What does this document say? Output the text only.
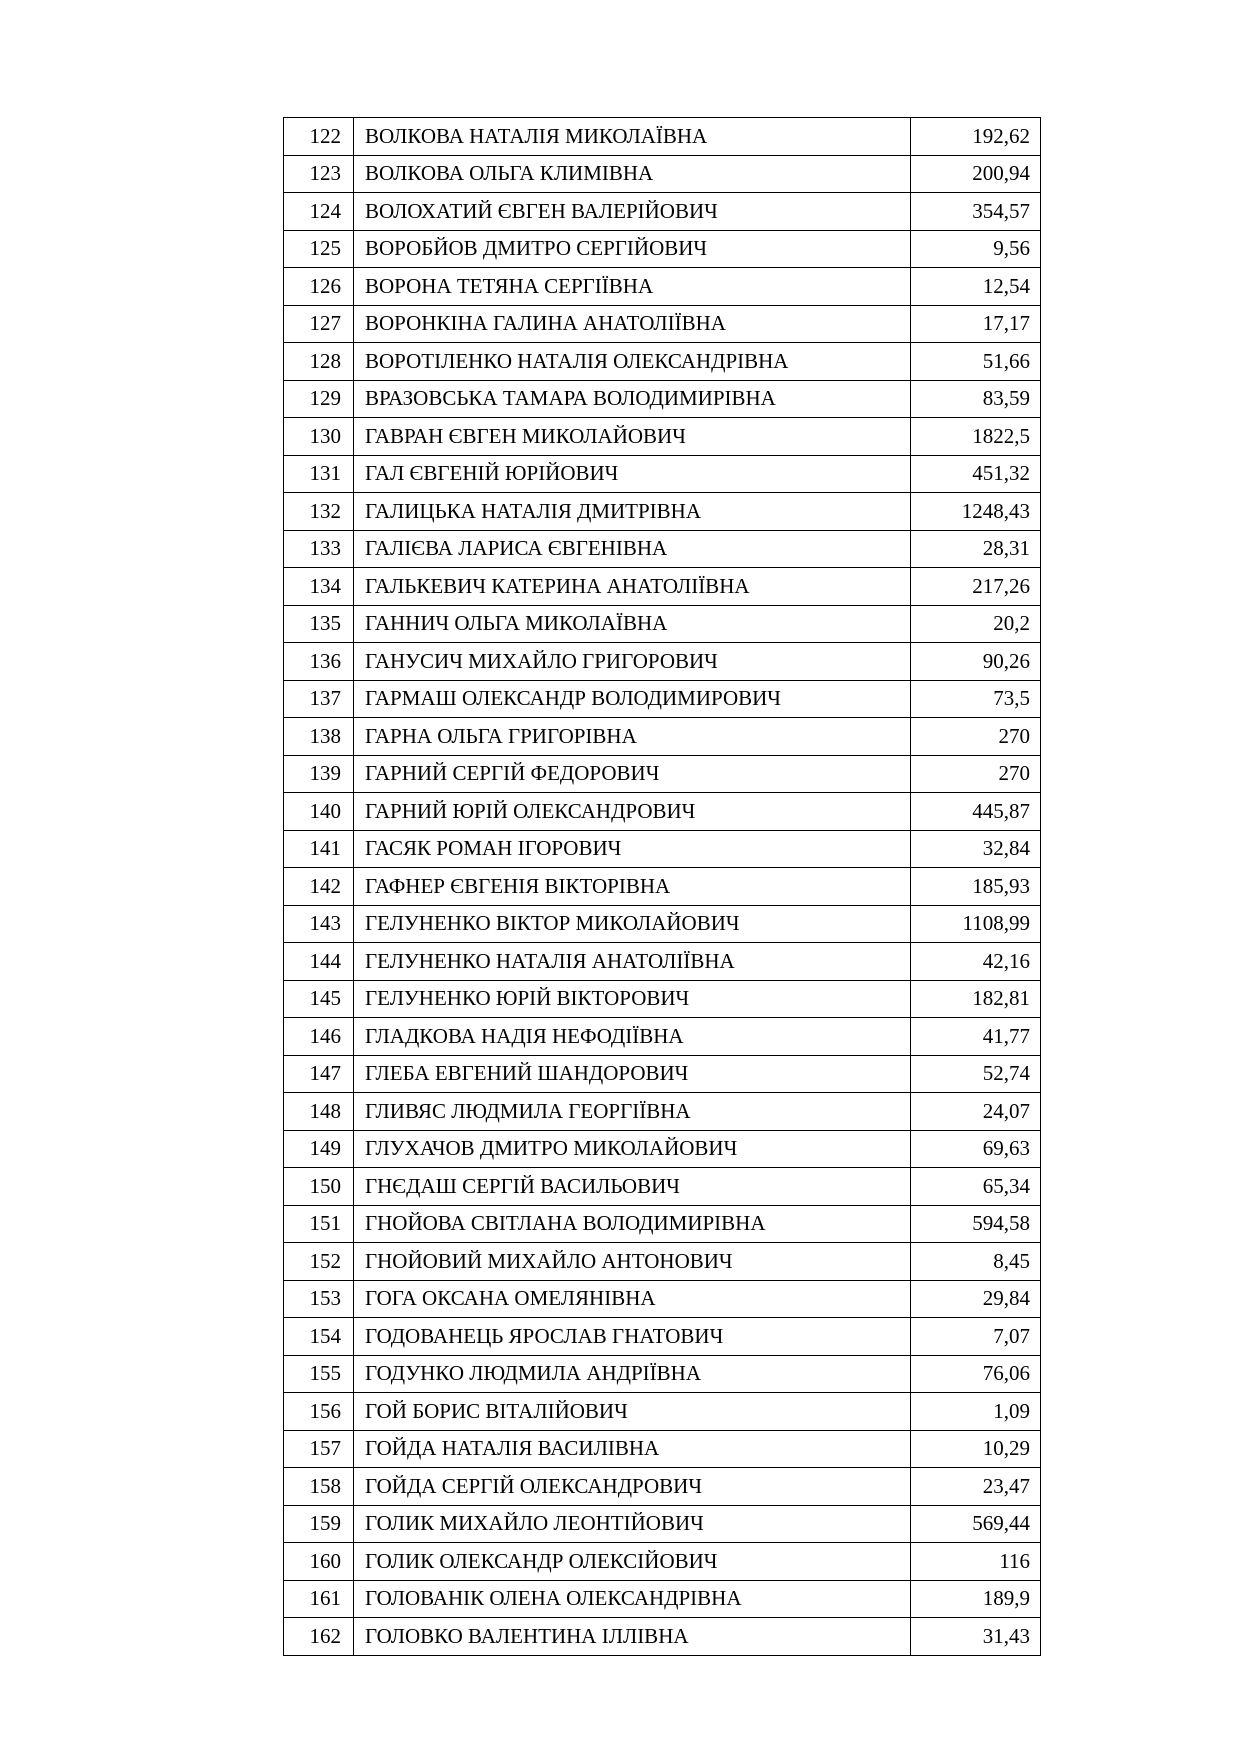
122	ВОЛКОВА НАТАЛІЯ МИКОЛАЇВНА	192,62
123	ВОЛКОВА ОЛЬГА КЛИМІВНА	200,94
124	ВОЛОХАТИЙ ЄВГЕН ВАЛЕРІЙОВИЧ	354,57
125	ВОРОБЙОВ ДМИТРО СЕРГІЙОВИЧ	9,56
126	ВОРОНА ТЕТЯНА СЕРГІЇВНА	12,54
127	ВОРОНКІНА ГАЛИНА АНАТОЛІЇВНА	17,17
128	ВОРОТІЛЕНКО НАТАЛІЯ ОЛЕКСАНДРІВНА	51,66
129	ВРАЗОВСЬКА ТАМАРА ВОЛОДИМИРІВНА	83,59
130	ГАВРАН ЄВГЕН МИКОЛАЙОВИЧ	1822,5
131	ГАЛ ЄВГЕНІЙ ЮРІЙОВИЧ	451,32
132	ГАЛИЦЬКА НАТАЛІЯ ДМИТРІВНА	1248,43
133	ГАЛІЄВА ЛАРИСА ЄВГЕНІВНА	28,31
134	ГАЛЬКЕВИЧ КАТЕРИНА АНАТОЛІЇВНА	217,26
135	ГАННИЧ ОЛЬГА МИКОЛАЇВНА	20,2
136	ГАНУСИЧ МИХАЙЛО ГРИГОРОВИЧ	90,26
137	ГАРМАШ ОЛЕКСАНДР ВОЛОДИМИРОВИЧ	73,5
138	ГАРНА ОЛЬГА ГРИГОРІВНА	270
139	ГАРНИЙ СЕРГІЙ ФЕДОРОВИЧ	270
140	ГАРНИЙ ЮРІЙ ОЛЕКСАНДРОВИЧ	445,87
141	ГАСЯК РОМАН ІГОРОВИЧ	32,84
142	ГАФНЕР ЄВГЕНІЯ ВІКТОРІВНА	185,93
143	ГЕЛУНЕНКО ВІКТОР МИКОЛАЙОВИЧ	1108,99
144	ГЕЛУНЕНКО НАТАЛІЯ АНАТОЛІЇВНА	42,16
145	ГЕЛУНЕНКО ЮРІЙ ВІКТОРОВИЧ	182,81
146	ГЛАДКОВА НАДІЯ НЕФОДІЇВНА	41,77
147	ГЛЕБА ЕВГЕНИЙ ШАНДОРОВИЧ	52,74
148	ГЛИВЯС ЛЮДМИЛА ГЕОРГІЇВНА	24,07
149	ГЛУХАЧОВ ДМИТРО МИКОЛАЙОВИЧ	69,63
150	ГНЄДАШ СЕРГІЙ ВАСИЛЬОВИЧ	65,34
151	ГНОЙОВА СВІТЛАНА ВОЛОДИМИРІВНА	594,58
152	ГНОЙОВИЙ МИХАЙЛО АНТОНОВИЧ	8,45
153	ГОГА ОКСАНА ОМЕЛЯНІВНА	29,84
154	ГОДОВАНЕЦЬ ЯРОСЛАВ ГНАТОВИЧ	7,07
155	ГОДУНКО ЛЮДМИЛА АНДРІЇВНА	76,06
156	ГОЙ БОРИС ВІТАЛІЙОВИЧ	1,09
157	ГОЙДА НАТАЛІЯ ВАСИЛІВНА	10,29
158	ГОЙДА СЕРГІЙ ОЛЕКСАНДРОВИЧ	23,47
159	ГОЛИК МИХАЙЛО ЛЕОНТІЙОВИЧ	569,44
160	ГОЛИК ОЛЕКСАНДР ОЛЕКСІЙОВИЧ	116
161	ГОЛОВАНІК ОЛЕНА ОЛЕКСАНДРІВНА	189,9
162	ГОЛОВКО ВАЛЕНТИНА ІЛЛІВНА	31,43
